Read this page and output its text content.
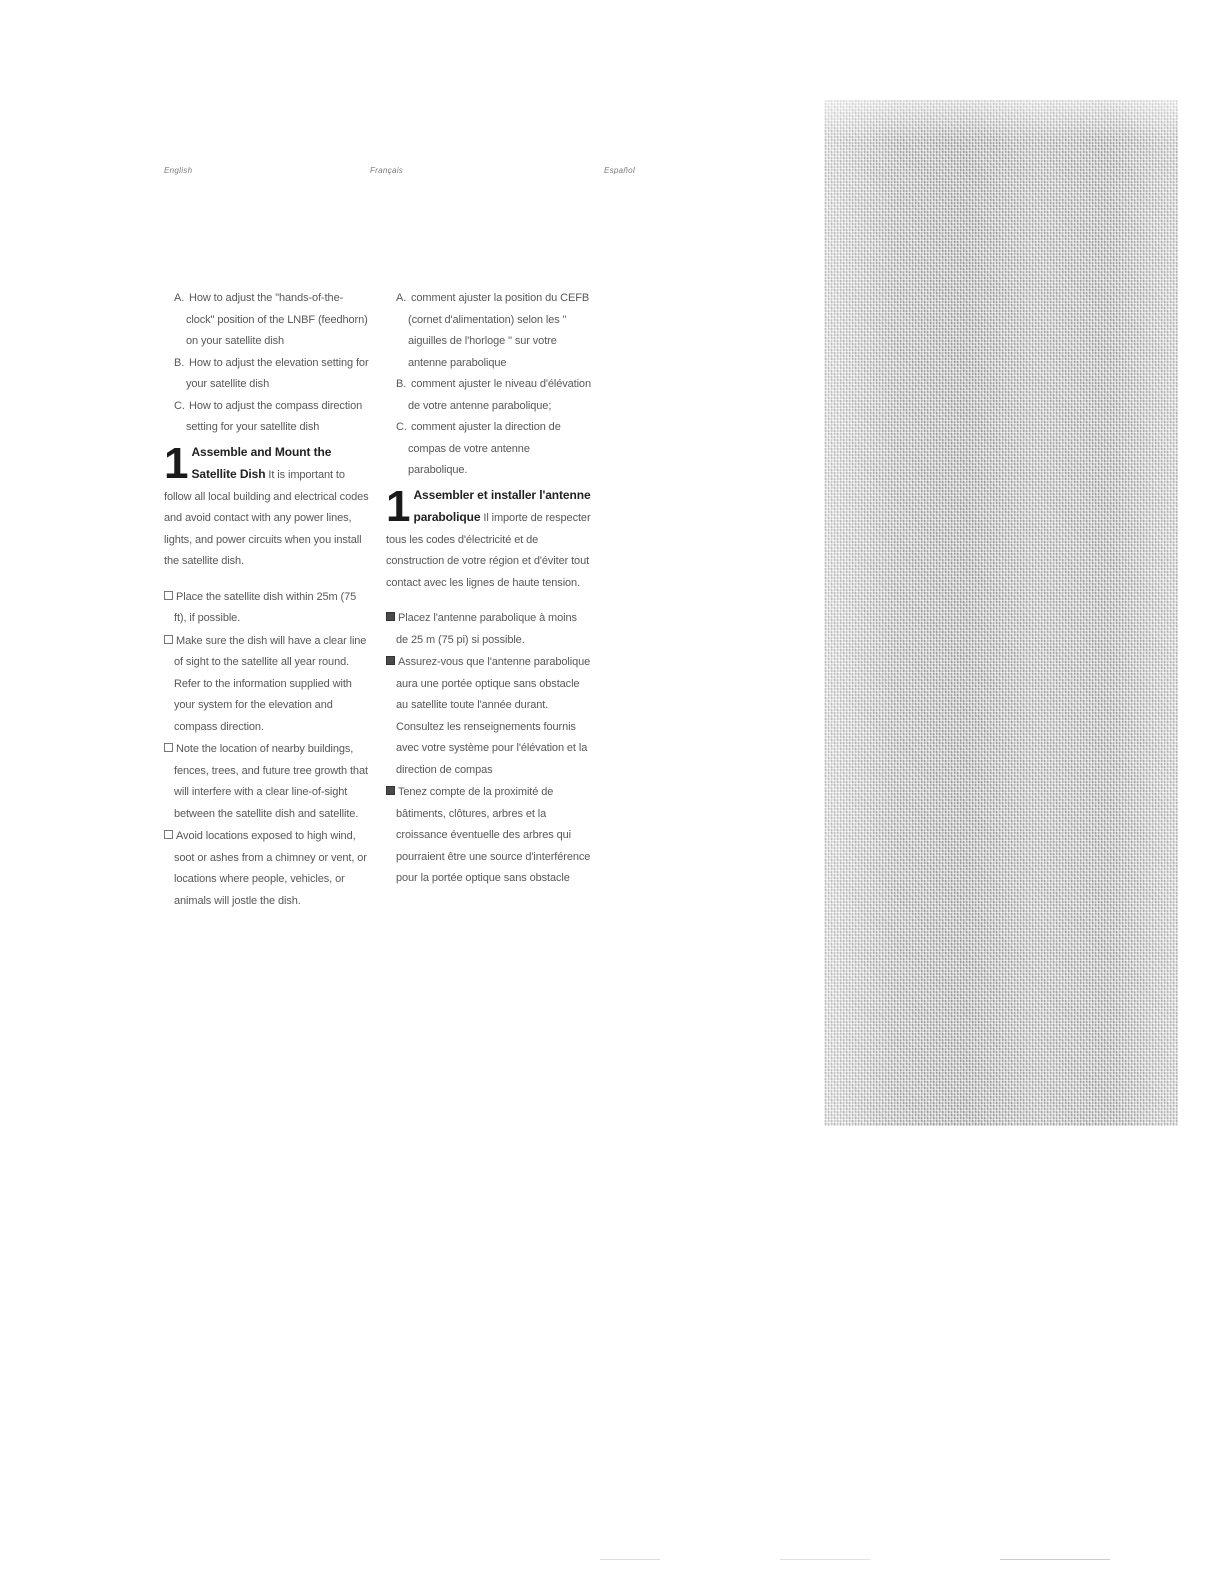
English	Français	Español
A. How to adjust the "hands-of-the-clock" position of the LNBF (feedhorn) on your satellite dish
B. How to adjust the elevation setting for your satellite dish
C. How to adjust the compass direction setting for your satellite dish
1 Assemble and Mount the Satellite Dish It is important to follow all local building and electrical codes and avoid contact with any power lines, lights, and power circuits when you install the satellite dish.
Place the satellite dish within 25m (75 ft), if possible.
Make sure the dish will have a clear line of sight to the satellite all year round. Refer to the information supplied with your system for the elevation and compass direction.
Note the location of nearby buildings, fences, trees, and future tree growth that will interfere with a clear line-of-sight between the satellite dish and satellite.
Avoid locations exposed to high wind, soot or ashes from a chimney or vent, or locations where people, vehicles, or animals will jostle the dish.
A. comment ajuster la position du CEFB (cornet d'alimentation) selon les " aiguilles de l'horloge " sur votre antenne parabolique
B. comment ajuster le niveau d'élévation de votre antenne parabolique;
C. comment ajuster la direction de compas de votre antenne parabolique.
1 Assembler et installer l'antenne parabolique Il importe de respecter tous les codes d'électricité et de construction de votre région et d'éviter tout contact avec les lignes de haute tension.
Placez l'antenne parabolique à moins de 25 m (75 pi) si possible.
Assurez-vous que l'antenne parabolique aura une portée optique sans obstacle au satellite toute l'année durant. Consultez les renseignements fournis avec votre système pour l'élévation et la direction de compas
Tenez compte de la proximité de bâtiments, clôtures, arbres et la croissance éventuelle des arbres qui pourraient être une source d'interférence pour la portée optique sans obstacle
